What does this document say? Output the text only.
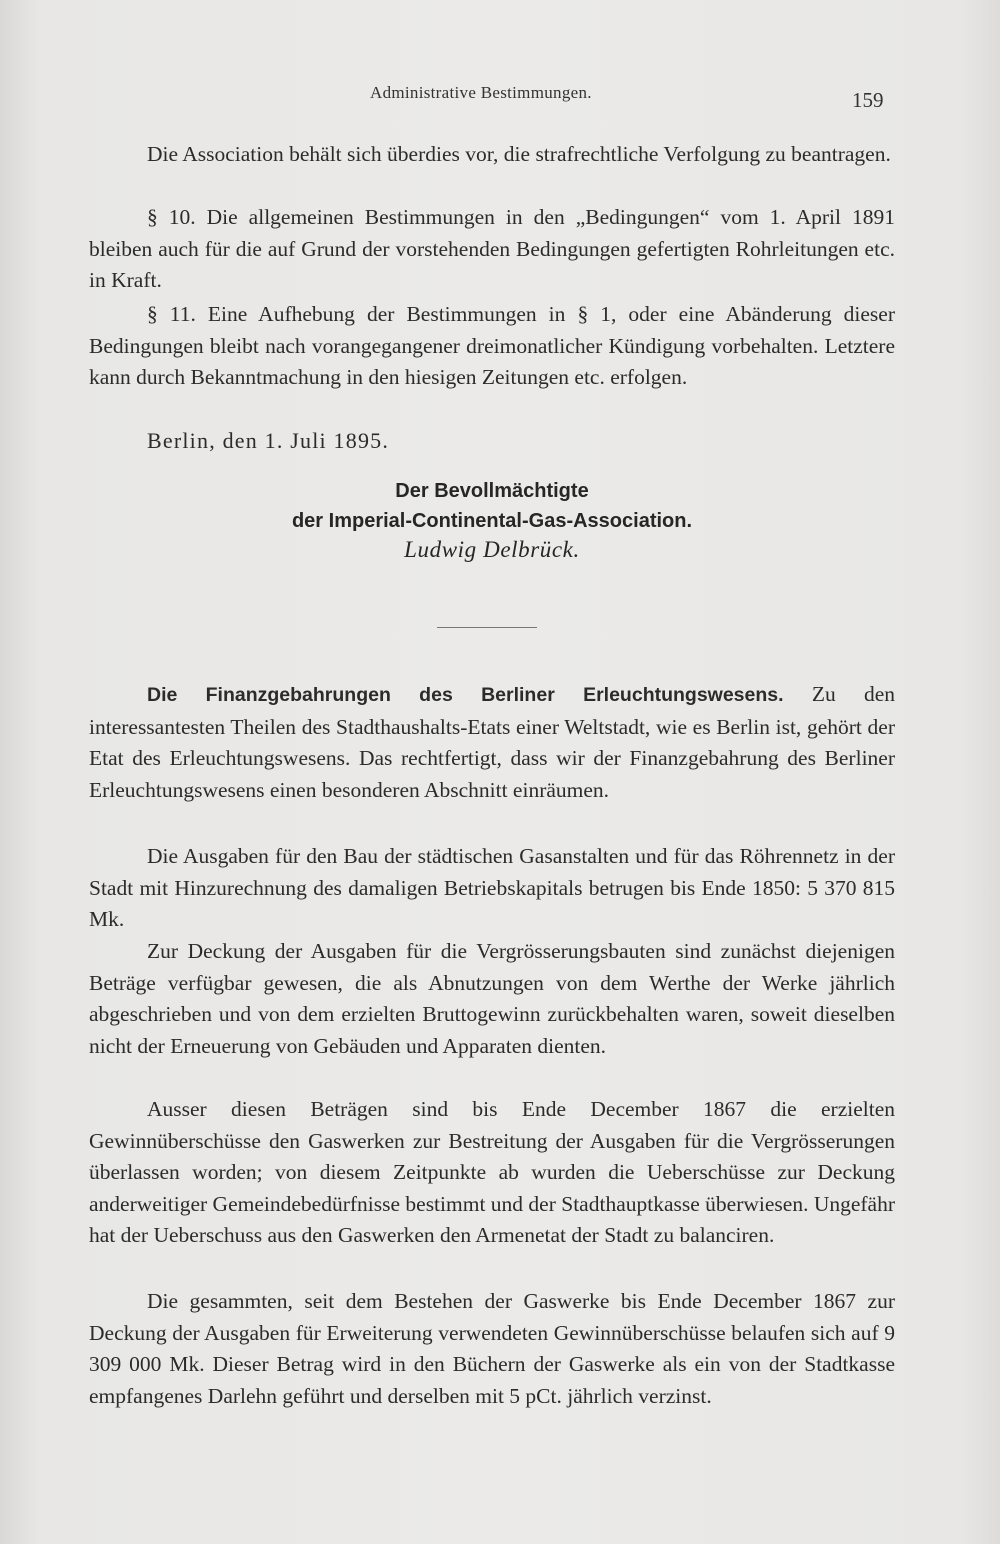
Administrative Bestimmungen.	159

Die Association behält sich überdies vor, die strafrechtliche Verfolgung zu beantragen.

§ 10. Die allgemeinen Bestimmungen in den „Bedingungen“ vom 1. April 1891 bleiben auch für die auf Grund der vorstehenden Bedingungen gefertigten Rohrleitungen etc. in Kraft.

§ 11. Eine Aufhebung der Bestimmungen in § 1, oder eine Abänderung dieser Bedingungen bleibt nach vorangegangener dreimonatlicher Kündigung vorbehalten. Letztere kann durch Bekanntmachung in den hiesigen Zeitungen etc. erfolgen.

Berlin, den 1. Juli 1895.
Der Bevollmächtigte
der Imperial-Continental-Gas-Association.
Ludwig Delbrück.

Die Finanzgebahrungen des Berliner Erleuchtungswesens. Zu den interessantesten Theilen des Stadthaushalts-Etats einer Weltstadt, wie es Berlin ist, gehört der Etat des Erleuchtungswesens. Das rechtfertigt, dass wir der Finanzgebahrung des Berliner Erleuchtungswesens einen besonderen Abschnitt einräumen.

Die Ausgaben für den Bau der städtischen Gasanstalten und für das Röhrennetz in der Stadt mit Hinzurechnung des damaligen Betriebskapitals betrugen bis Ende 1850: 5 370 815 Mk.

Zur Deckung der Ausgaben für die Vergrösserungsbauten sind zunächst diejenigen Beträge verfügbar gewesen, die als Abnutzungen von dem Werthe der Werke jährlich abgeschrieben und von dem erzielten Bruttogewinn zurückbehalten waren, soweit dieselben nicht der Erneuerung von Gebäuden und Apparaten dienten.

Ausser diesen Beträgen sind bis Ende December 1867 die erzielten Gewinnüberschüsse den Gaswerken zur Bestreitung der Ausgaben für die Vergrösserungen überlassen worden; von diesem Zeitpunkte ab wurden die Ueberschüsse zur Deckung anderweitiger Gemeindebedürfnisse bestimmt und der Stadthauptkasse überwiesen. Ungefähr hat der Ueberschuss aus den Gaswerken den Armenetat der Stadt zu balanciren.

Die gesammten, seit dem Bestehen der Gaswerke bis Ende December 1867 zur Deckung der Ausgaben für Erweiterung verwendeten Gewinnüberschüsse belaufen sich auf 9 309 000 Mk. Dieser Betrag wird in den Büchern der Gaswerke als ein von der Stadtkasse empfangenes Darlehn geführt und derselben mit 5 pCt. jährlich verzinst.
